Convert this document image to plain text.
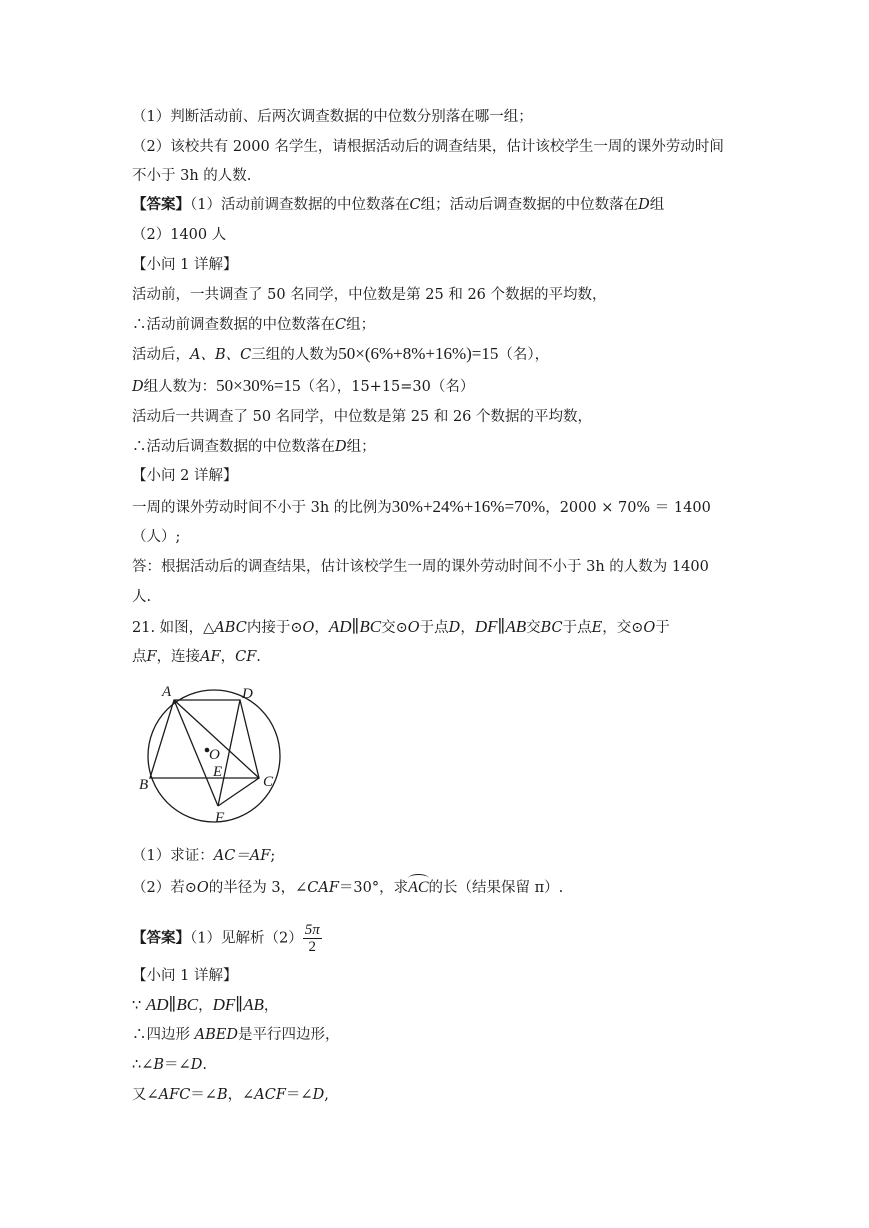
（1）判断活动前、后两次调查数据的中位数分别落在哪一组；
（2）该校共有 2000 名学生，请根据活动后的调查结果，估计该校学生一周的课外劳动时间
不小于 3h 的人数.
【答案】（1）活动前调查数据的中位数落在C组；活动后调查数据的中位数落在D组
（2）1400 人
【小问 1 详解】
活动前，一共调查了 50 名同学，中位数是第 25 和 26 个数据的平均数，
∴活动前调查数据的中位数落在C组；
活动后，A、B、C三组的人数为50×(6%+8%+16%)=15（名），
D组人数为：50×30%=15（名），15+15=30（名）
活动后一共调查了 50 名同学，中位数是第 25 和 26 个数据的平均数，
∴活动后调查数据的中位数落在D组；
【小问 2 详解】
一周的课外劳动时间不小于 3h 的比例为30%+24%+16%=70%，2000 × 70% ＝ 1400
（人）;
答：根据活动后的调查结果，估计该校学生一周的课外劳动时间不小于 3h 的人数为 1400
人.
21. 如图，△ABC内接于⊙O，AD∥BC交⊙O于点D，DF∥AB交BC于点E，交⊙O于
点F，连接AF，CF.
A	D
O
E
B	C
F
（1）求证：AC＝AF;
（2）若⊙O的半径为 3，∠CAF＝30°，求AC的长（结果保留 π）.
【答案】（1）见解析$(2) \frac{5\pi}{2}$
【小问 1 详解】
∵ AD∥BC，DF∥AB，
∴四边形 ABED是平行四边形，
∴∠B＝∠D.
又∠AFC＝∠B，∠ACF＝∠D,
